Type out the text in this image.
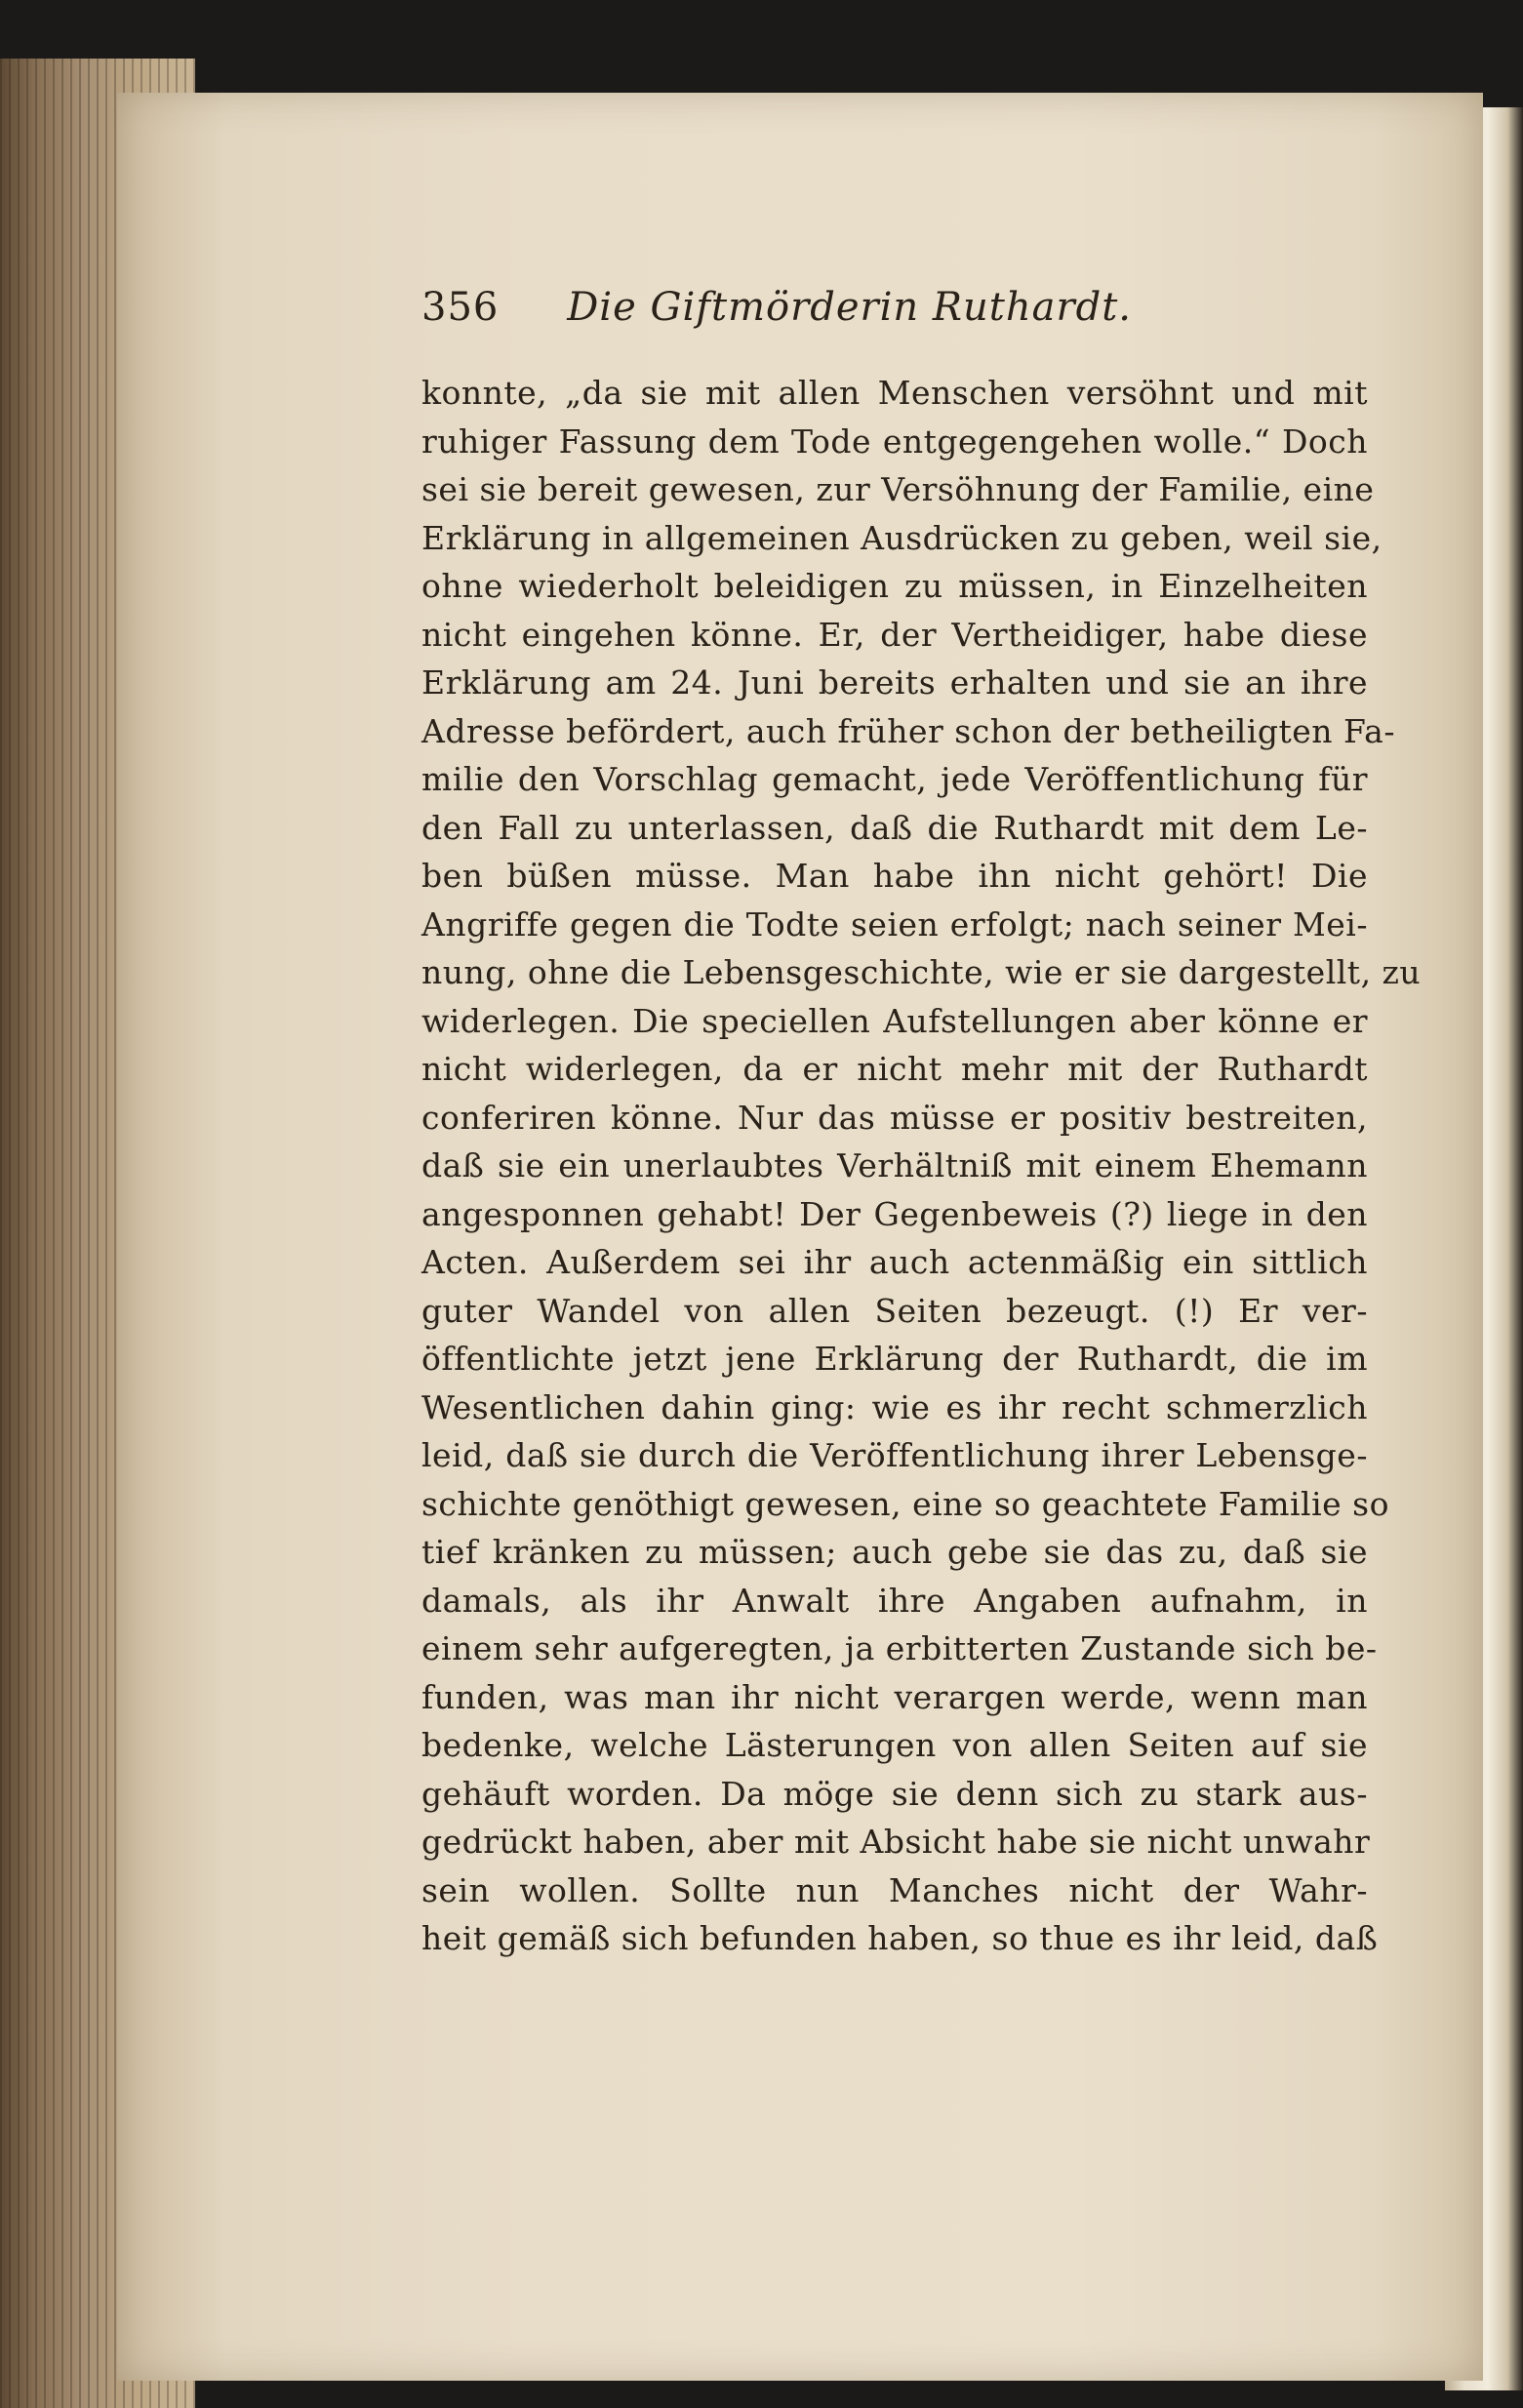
356 Die Giftmörderin Ruthardt.
konnte, „da sie mit allen Menschen versöhnt und mit
ruhiger Fassung dem Tode entgegengehen wolle.“ Doch
sei sie bereit gewesen, zur Versöhnung der Familie, eine
Erklärung in allgemeinen Ausdrücken zu geben, weil sie,
ohne wiederholt beleidigen zu müssen, in Einzelheiten
nicht eingehen könne. Er, der Vertheidiger, habe diese
Erklärung am 24. Juni bereits erhalten und sie an ihre
Adresse befördert, auch früher schon der betheiligten Fa-
milie den Vorschlag gemacht, jede Veröffentlichung für
den Fall zu unterlassen, daß die Ruthardt mit dem Le-
ben büßen müsse. Man habe ihn nicht gehört! Die
Angriffe gegen die Todte seien erfolgt; nach seiner Mei-
nung, ohne die Lebensgeschichte, wie er sie dargestellt, zu
widerlegen. Die speciellen Aufstellungen aber könne er
nicht widerlegen, da er nicht mehr mit der Ruthardt
conferiren könne. Nur das müsse er positiv bestreiten,
daß sie ein unerlaubtes Verhältniß mit einem Ehemann
angesponnen gehabt! Der Gegenbeweis (?) liege in den
Acten. Außerdem sei ihr auch actenmäßig ein sittlich
guter Wandel von allen Seiten bezeugt. (!) Er ver-
öffentlichte jetzt jene Erklärung der Ruthardt, die im
Wesentlichen dahin ging: wie es ihr recht schmerzlich
leid, daß sie durch die Veröffentlichung ihrer Lebensge-
schichte genöthigt gewesen, eine so geachtete Familie so
tief kränken zu müssen; auch gebe sie das zu, daß sie
damals, als ihr Anwalt ihre Angaben aufnahm, in
einem sehr aufgeregten, ja erbitterten Zustande sich be-
funden, was man ihr nicht verargen werde, wenn man
bedenke, welche Lästerungen von allen Seiten auf sie
gehäuft worden. Da möge sie denn sich zu stark aus-
gedrückt haben, aber mit Absicht habe sie nicht unwahr
sein wollen. Sollte nun Manches nicht der Wahr-
heit gemäß sich befunden haben, so thue es ihr leid, daß
